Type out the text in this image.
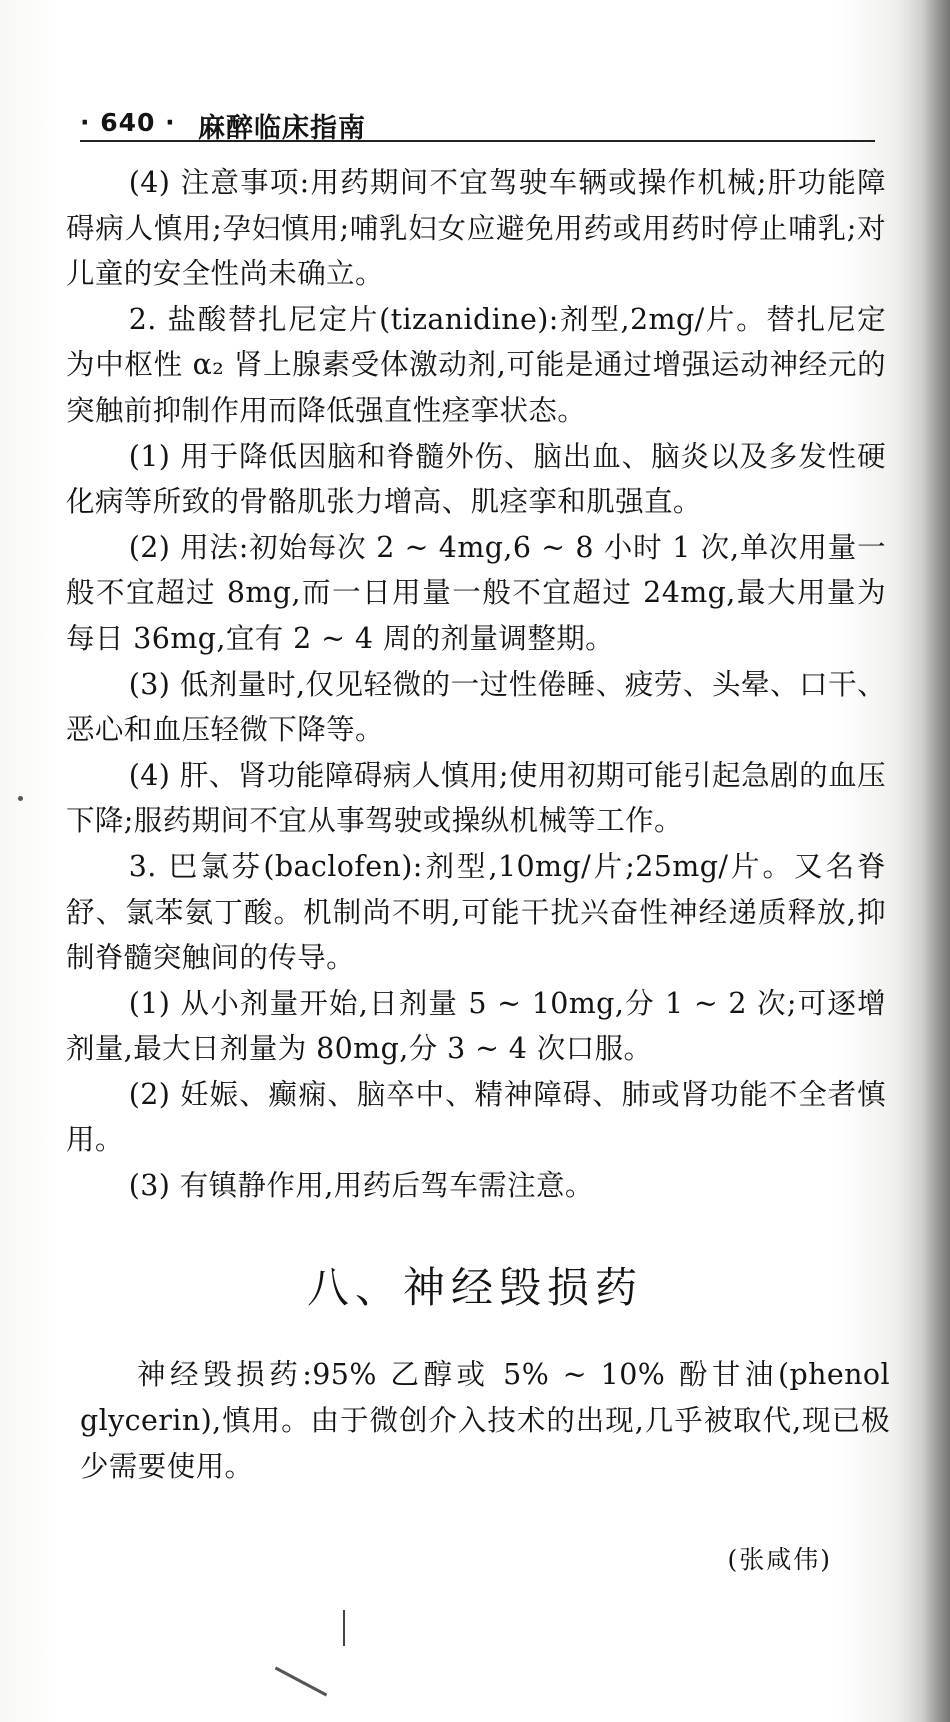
· 640 · 麻醉临床指南

(4) 注意事项:用药期间不宜驾驶车辆或操作机械;肝功能障碍病人慎用;孕妇慎用;哺乳妇女应避免用药或用药时停止哺乳;对儿童的安全性尚未确立。

2. 盐酸替扎尼定片(tizanidine):剂型,2mg/片。替扎尼定为中枢性 α₂ 肾上腺素受体激动剂,可能是通过增强运动神经元的突触前抑制作用而降低强直性痉挛状态。

(1) 用于降低因脑和脊髓外伤、脑出血、脑炎以及多发性硬化病等所致的骨骼肌张力增高、肌痉挛和肌强直。

(2) 用法:初始每次 2 ~ 4mg,6 ~ 8 小时 1 次,单次用量一般不宜超过 8mg,而一日用量一般不宜超过 24mg,最大用量为每日 36mg,宜有 2 ~ 4 周的剂量调整期。

(3) 低剂量时,仅见轻微的一过性倦睡、疲劳、头晕、口干、恶心和血压轻微下降等。

(4) 肝、肾功能障碍病人慎用;使用初期可能引起急剧的血压下降;服药期间不宜从事驾驶或操纵机械等工作。

3. 巴氯芬(baclofen):剂型,10mg/片;25mg/片。又名脊舒、氯苯氨丁酸。机制尚不明,可能干扰兴奋性神经递质释放,抑制脊髓突触间的传导。

(1) 从小剂量开始,日剂量 5 ~ 10mg,分 1 ~ 2 次;可逐增剂量,最大日剂量为 80mg,分 3 ~ 4 次口服。

(2) 妊娠、癫痫、脑卒中、精神障碍、肺或肾功能不全者慎用。

(3) 有镇静作用,用药后驾车需注意。

八、神经毁损药

神经毁损药:95% 乙醇或 5% ~ 10% 酚甘油(phenol glycerin),慎用。由于微创介入技术的出现,几乎被取代,现已极少需要使用。

(张咸伟)
